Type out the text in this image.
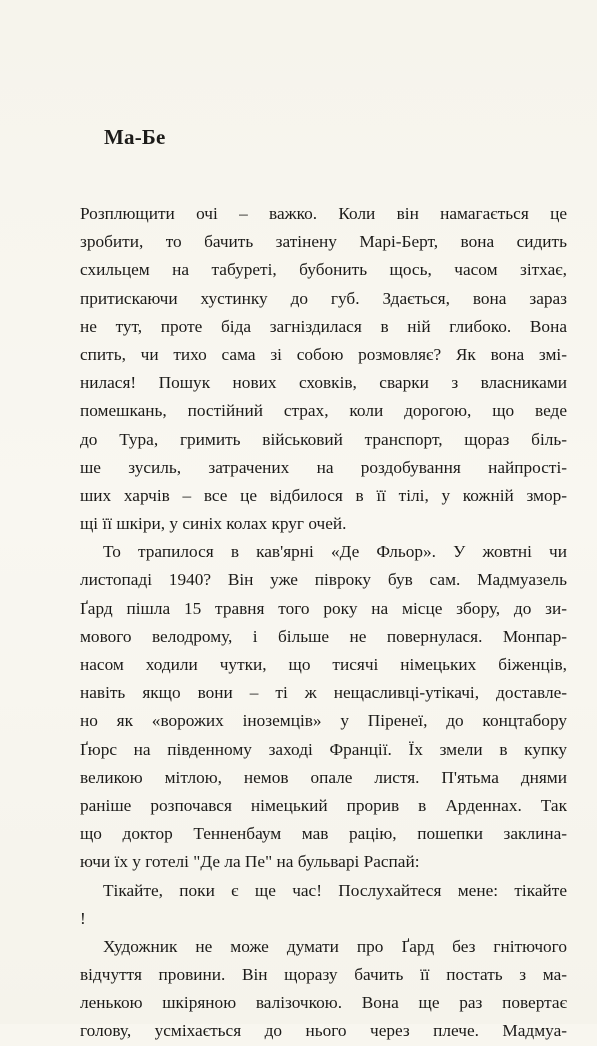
Ма-Бе
Розплющити очі – важко. Коли він намагається це
зробити, то бачить затінену Марі-Берт, вона сидить
схильцем на табуреті, бубонить щось, часом зітхає,
притискаючи хустинку до губ. Здається, вона зараз
не тут, проте біда загніздилася в ній глибоко. Вона
спить, чи тихо сама зі собою розмовляє? Як вона змі-
нилася! Пошук нових сховків, сварки з власниками
помешкань, постійний страх, коли дорогою, що веде
до Тура, гримить військовий транспорт, щораз біль-
ше зусиль, затрачених на роздобування найпрості-
ших харчів – все це відбилося в її тілі, у кожній змор-
щі її шкіри, у синіх колах круг очей.
То трапилося в кав'ярні «Де Фльор». У жовтні чи
листопаді 1940? Він уже півроку був сам. Мадмуазель
Ґард пішла 15 травня того року на місце збору, до зи-
мового велодрому, і більше не повернулася. Монпар-
насом ходили чутки, що тисячі німецьких біженців,
навіть якщо вони – ті ж нещасливці-утікачі, доставле-
но як «ворожих іноземців» у Піренеї, до концтабору
Ґюрс на південному заході Франції. Їх змели в купку
великою мітлою, немов опале листя. П'ятьма днями
раніше розпочався німецький прорив в Арденнах. Так
що доктор Тенненбаум мав рацію, пошепки заклина-
ючи їх у готелі "Де ла Пе" на бульварі Распай:
Тікайте, поки є ще час! Послухайтеся мене: тікайте
!
Художник не може думати про Ґард без гнітючого
відчуття провини. Він щоразу бачить її постать з ма-
ленькою шкіряною валізочкою. Вона ще раз повертає
голову, усміхається до нього через плече. Мадмуа-
